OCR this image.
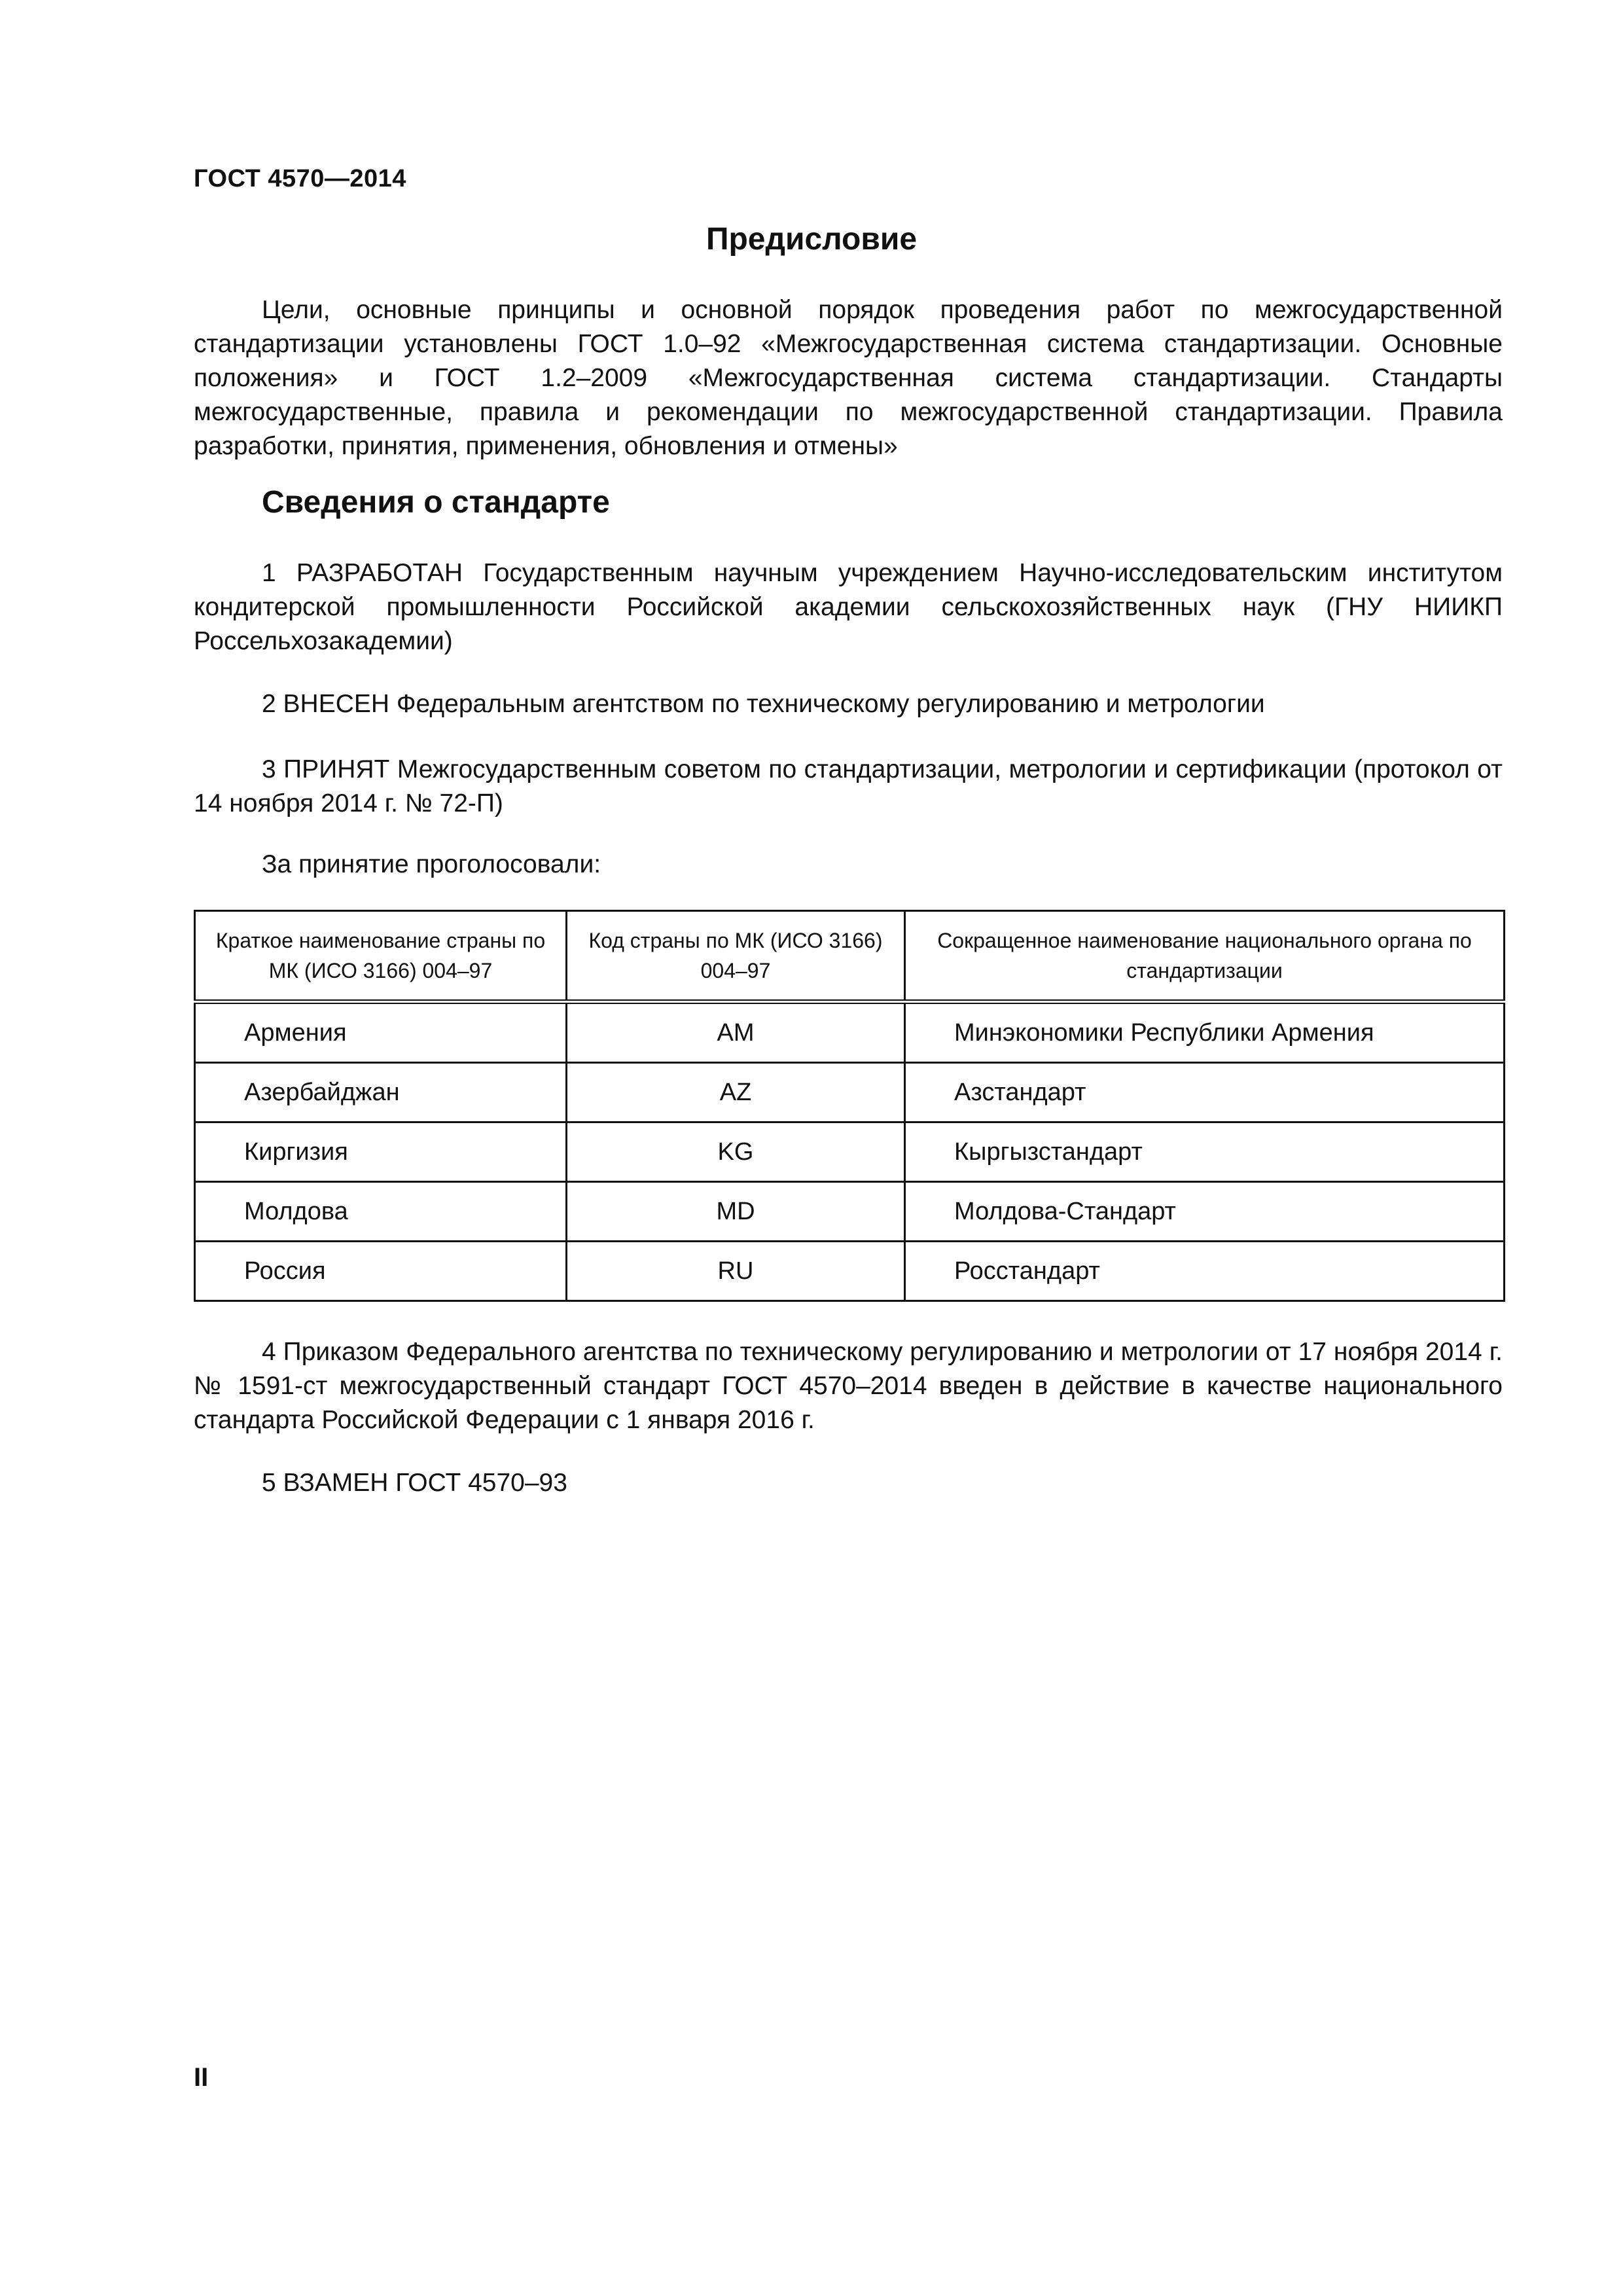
ГОСТ 4570—2014
Предисловие
Цели, основные принципы и основной порядок проведения работ по межгосударственной стандартизации установлены ГОСТ 1.0–92 «Межгосударственная система стандартизации. Основные положения» и ГОСТ 1.2–2009 «Межгосударственная система стандартизации. Стандарты межгосударственные, правила и рекомендации по межгосударственной стандартизации. Правила разработки, принятия, применения, обновления и отмены»
Сведения о стандарте
1 РАЗРАБОТАН Государственным научным учреждением Научно-исследовательским институтом кондитерской промышленности Российской академии сельскохозяйственных наук (ГНУ НИИКП Россельхозакадемии)
2 ВНЕСЕН Федеральным агентством по техническому регулированию и метрологии
3 ПРИНЯТ Межгосударственным советом по стандартизации, метрологии и сертификации (протокол от 14 ноября 2014 г. № 72-П)
За принятие проголосовали:
Краткое наименование страны по МК (ИСО 3166) 004–97	Код страны по МК (ИСО 3166) 004–97	Сокращенное наименование национального органа по стандартизации
Армения	AM	Минэкономики Республики Армения
Азербайджан	AZ	Азстандарт
Киргизия	KG	Кыргызстандарт
Молдова	MD	Молдова-Стандарт
Россия	RU	Росстандарт
4 Приказом Федерального агентства по техническому регулированию и метрологии от 17 ноября 2014 г. № 1591-ст межгосударственный стандарт ГОСТ 4570–2014 введен в действие в качестве национального стандарта Российской Федерации с 1 января 2016 г.
5 ВЗАМЕН ГОСТ 4570–93
II
